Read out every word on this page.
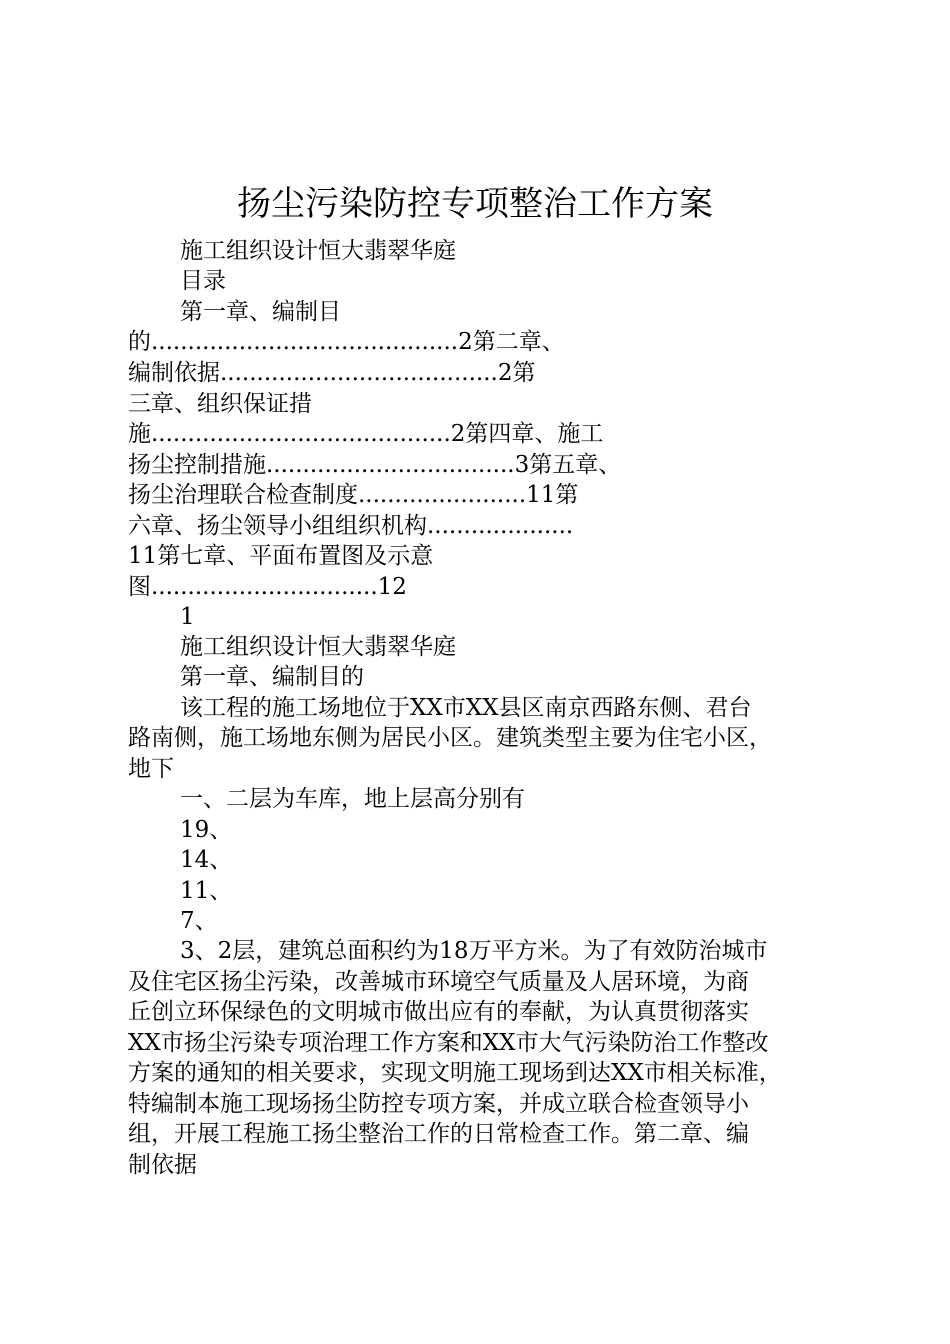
扬尘污染防控专项整治工作方案
施工组织设计恒大翡翠华庭
目录
第一章、编制目
的..........................................2第二章、
编制依据......................................2第
三章、组织保证措
施.........................................2第四章、施工
扬尘控制措施..................................3第五章、
扬尘治理联合检查制度.......................11第
六章、扬尘领导小组组织机构....................
11第七章、平面布置图及示意
图...............................12
1
施工组织设计恒大翡翠华庭
第一章、编制目的
该工程的施工场地位于XX市XX县区南京西路东侧、君台
路南侧，施工场地东侧为居民小区。建筑类型主要为住宅小区，
地下
一、二层为车库，地上层高分别有
19、
14、
11、
7、
3、2层，建筑总面积约为18万平方米。为了有效防治城市
及住宅区扬尘污染，改善城市环境空气质量及人居环境，为商
丘创立环保绿色的文明城市做出应有的奉献，为认真贯彻落实
XX市扬尘污染专项治理工作方案和XX市大气污染防治工作整改
方案的通知的相关要求，实现文明施工现场到达XX市相关标准，
特编制本施工现场扬尘防控专项方案，并成立联合检查领导小
组，开展工程施工扬尘整治工作的日常检查工作。第二章、编
制依据
